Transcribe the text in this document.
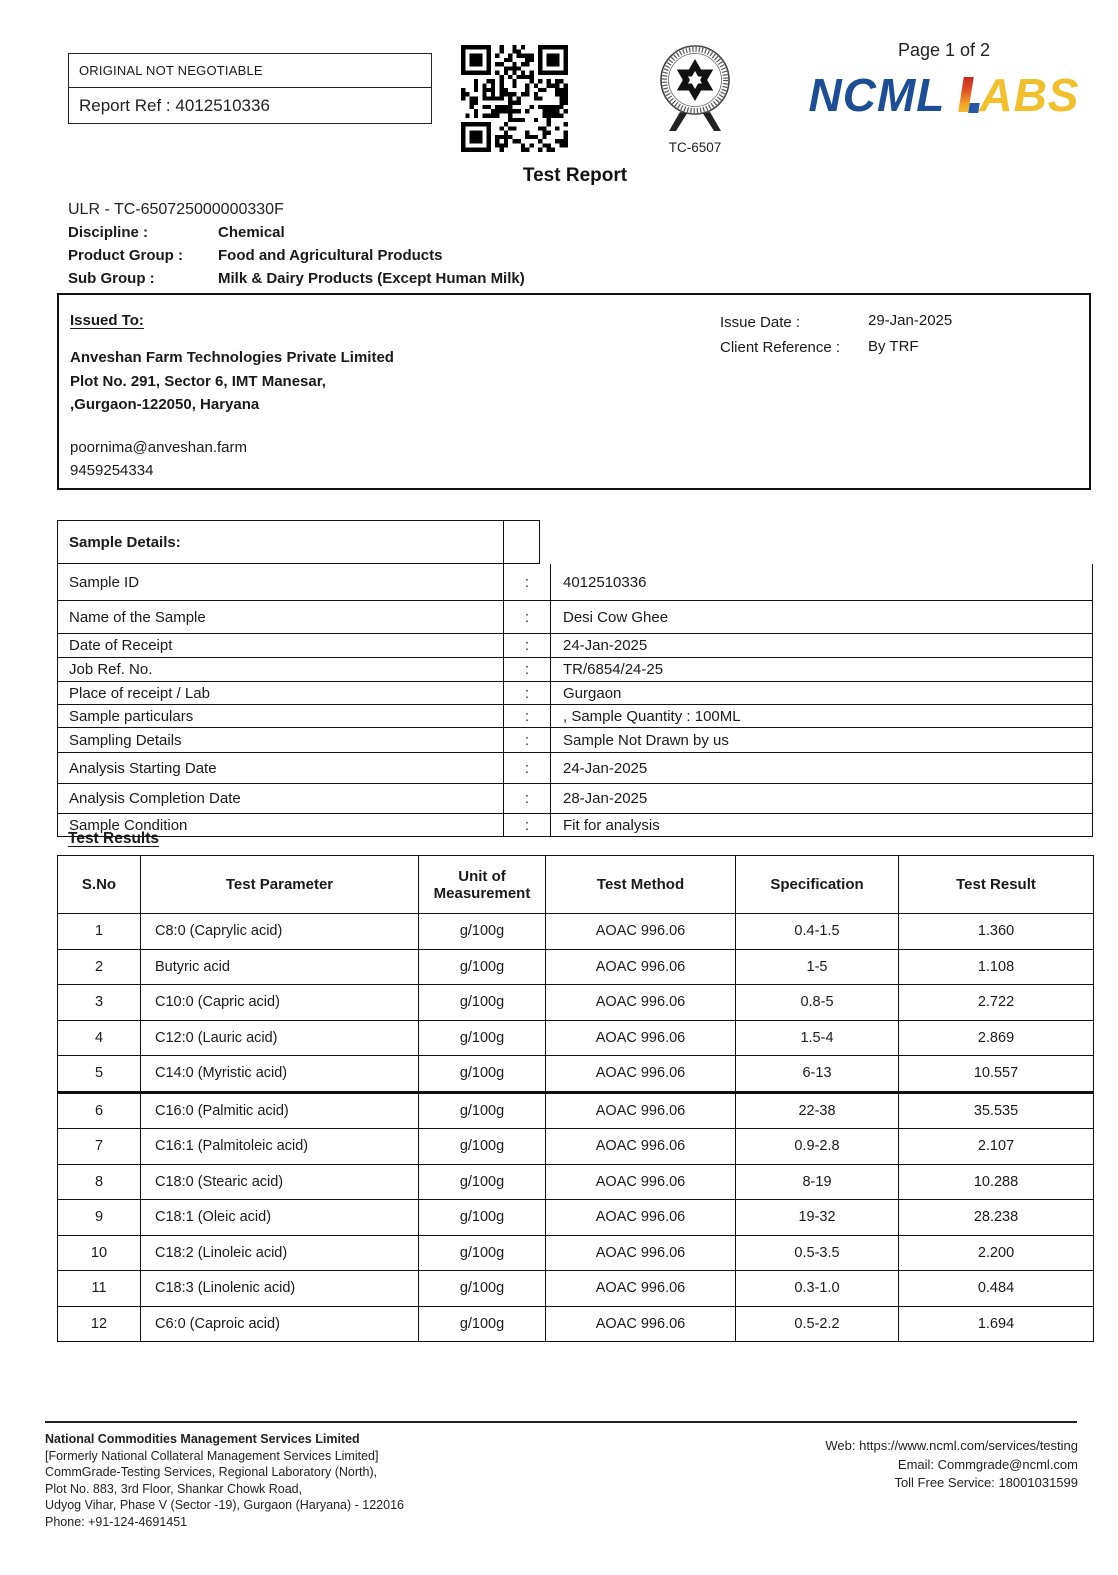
ORIGINAL NOT NEGOTIABLE
Report Ref : 4012510336
TC-6507
Page 1 of 2
NCML ABS
Test Report
ULR - TC-650725000000330F
Discipline :	Chemical
Product Group :	Food and Agricultural Products
Sub Group :	Milk & Dairy Products (Except Human Milk)
Issued To:
Anveshan Farm Technologies Private Limited
Plot No. 291, Sector 6, IMT Manesar,
,Gurgaon-122050, Haryana
poornima@anveshan.farm
9459254334
Issue Date :	29-Jan-2025
Client Reference : By TRF
Sample Details:
Sample ID	:	4012510336
Name of the Sample	:	Desi Cow Ghee
Date of Receipt	:	24-Jan-2025
Job Ref. No.	:	TR/6854/24-25
Place of receipt / Lab	:	Gurgaon
Sample particulars	:	, Sample Quantity : 100ML
Sampling Details	:	Sample Not Drawn by us
Analysis Starting Date	:	24-Jan-2025
Analysis Completion Date	:	28-Jan-2025
Sample Condition	:	Fit for analysis
Test Results
S.No	Test Parameter	Unit of Measurement	Test Method	Specification	Test Result
1	C8:0 (Caprylic acid)	g/100g	AOAC 996.06	0.4-1.5	1.360
2	Butyric acid	g/100g	AOAC 996.06	1-5	1.108
3	C10:0 (Capric acid)	g/100g	AOAC 996.06	0.8-5	2.722
4	C12:0 (Lauric acid)	g/100g	AOAC 996.06	1.5-4	2.869
5	C14:0 (Myristic acid)	g/100g	AOAC 996.06	6-13	10.557
6	C16:0 (Palmitic acid)	g/100g	AOAC 996.06	22-38	35.535
7	C16:1 (Palmitoleic acid)	g/100g	AOAC 996.06	0.9-2.8	2.107
8	C18:0 (Stearic acid)	g/100g	AOAC 996.06	8-19	10.288
9	C18:1 (Oleic acid)	g/100g	AOAC 996.06	19-32	28.238
10	C18:2 (Linoleic acid)	g/100g	AOAC 996.06	0.5-3.5	2.200
11	C18:3 (Linolenic acid)	g/100g	AOAC 996.06	0.3-1.0	0.484
12	C6:0 (Caproic acid)	g/100g	AOAC 996.06	0.5-2.2	1.694
National Commodities Management Services Limited
[Formerly National Collateral Management Services Limited]
CommGrade-Testing Services, Regional Laboratory (North),
Plot No. 883, 3rd Floor, Shankar Chowk Road,
Udyog Vihar, Phase V (Sector -19), Gurgaon (Haryana) - 122016
Phone: +91-124-4691451
Web: https://www.ncml.com/services/testing
Email: Commgrade@ncml.com
Toll Free Service: 18001031599
